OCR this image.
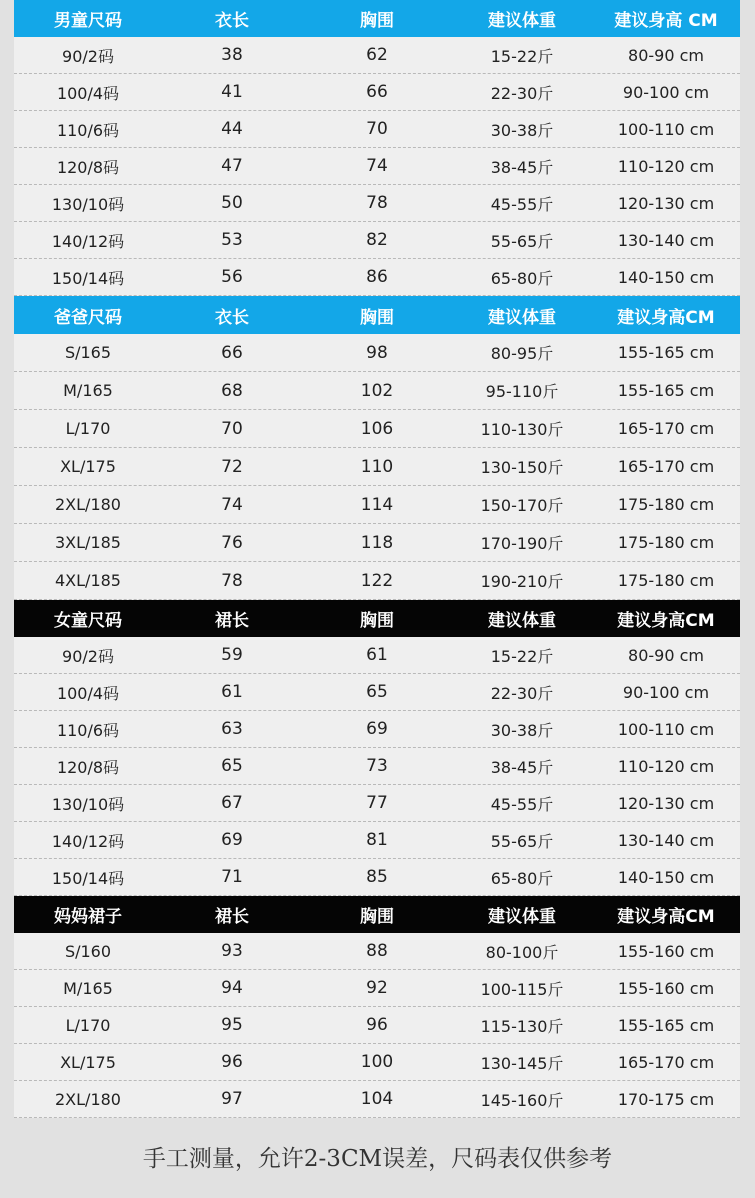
男童尺码	衣长	胸围	建议体重	建议身高 CM
90/2码	38	62	15-22斤	80-90 cm
100/4码	41	66	22-30斤	90-100 cm
110/6码	44	70	30-38斤	100-110 cm
120/8码	47	74	38-45斤	110-120 cm
130/10码	50	78	45-55斤	120-130 cm
140/12码	53	82	55-65斤	130-140 cm
150/14码	56	86	65-80斤	140-150 cm
爸爸尺码	衣长	胸围	建议体重	建议身高CM
S/165	66	98	80-95斤	155-165 cm
M/165	68	102	95-110斤	155-165 cm
L/170	70	106	110-130斤	165-170 cm
XL/175	72	110	130-150斤	165-170 cm
2XL/180	74	114	150-170斤	175-180 cm
3XL/185	76	118	170-190斤	175-180 cm
4XL/185	78	122	190-210斤	175-180 cm
女童尺码	裙长	胸围	建议体重	建议身高CM
90/2码	59	61	15-22斤	80-90 cm
100/4码	61	65	22-30斤	90-100 cm
110/6码	63	69	30-38斤	100-110 cm
120/8码	65	73	38-45斤	110-120 cm
130/10码	67	77	45-55斤	120-130 cm
140/12码	69	81	55-65斤	130-140 cm
150/14码	71	85	65-80斤	140-150 cm
妈妈裙子	裙长	胸围	建议体重	建议身高CM
S/160	93	88	80-100斤	155-160 cm
M/165	94	92	100-115斤	155-160 cm
L/170	95	96	115-130斤	155-165 cm
XL/175	96	100	130-145斤	165-170 cm
2XL/180	97	104	145-160斤	170-175 cm
手工测量，允许2-3CM误差，尺码表仅供参考
